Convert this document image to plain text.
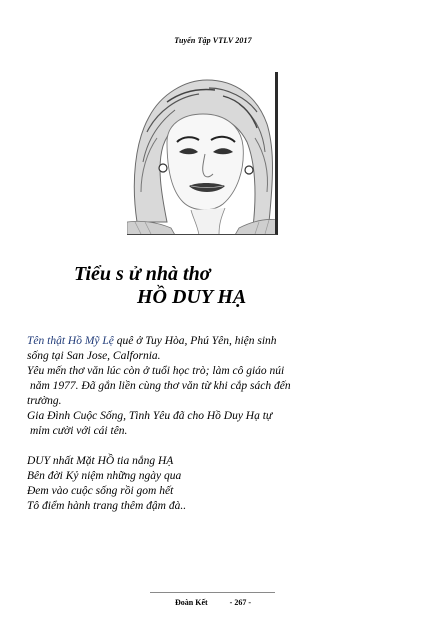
Tuyển Tập VTLV 2017
Tiểu s ử nhà thơ
HỒ DUY HẠ

Tên thật Hồ Mỹ Lệ quê ở Tuy Hòa, Phú Yên, hiện sinh

sống tại San Jose, Calfornia.

Yêu mến thơ văn lúc còn ở tuổi học trò; làm cô giáo núi

năm 1977. Đã gắn liền cùng thơ văn từ khi cắp sách đến

trường.

Gia Đình Cuộc Sống, Tình Yêu đã cho Hồ Duy Hạ tự

mỉm cười với cái tên.

DUY nhất Mặt HỒ tia nắng HẠ

Bên đời Kỷ niệm những ngày qua

Đem vào cuộc sống rồi gom hết

Tô điểm hành trang thêm đậm đà..

Đoàn Kết	- 267 -
